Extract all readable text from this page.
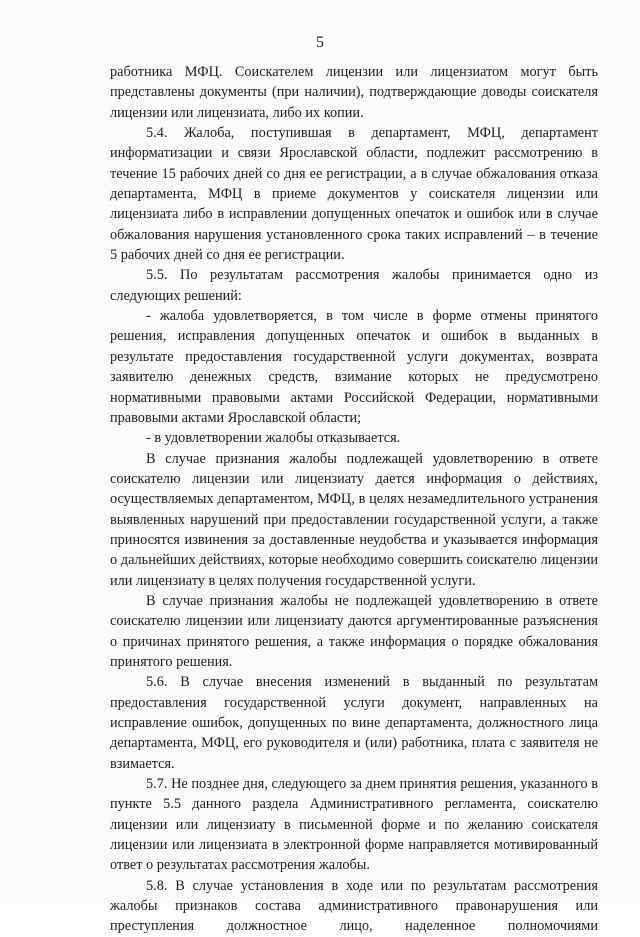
5

работника МФЦ. Соискателем лицензии или лицензиатом могут быть представлены документы (при наличии), подтверждающие доводы соискателя лицензии или лицензиата, либо их копии.

5.4. Жалоба, поступившая в департамент, МФЦ, департамент информатизации и связи Ярославской области, подлежит рассмотрению в течение 15 рабочих дней со дня ее регистрации, а в случае обжалования отказа департамента, МФЦ в приеме документов у соискателя лицензии или лицензиата либо в исправлении допущенных опечаток и ошибок или в случае обжалования нарушения установленного срока таких исправлений – в течение 5 рабочих дней со дня ее регистрации.

5.5. По результатам рассмотрения жалобы принимается одно из следующих решений:

- жалоба удовлетворяется, в том числе в форме отмены принятого решения, исправления допущенных опечаток и ошибок в выданных в результате предоставления государственной услуги документах, возврата заявителю денежных средств, взимание которых не предусмотрено нормативными правовыми актами Российской Федерации, нормативными правовыми актами Ярославской области;

- в удовлетворении жалобы отказывается.

В случае признания жалобы подлежащей удовлетворению в ответе соискателю лицензии или лицензиату дается информация о действиях, осуществляемых департаментом, МФЦ, в целях незамедлительного устранения выявленных нарушений при предоставлении государственной услуги, а также приносятся извинения за доставленные неудобства и указывается информация о дальнейших действиях, которые необходимо совершить соискателю лицензии или лицензиату в целях получения государственной услуги.

В случае признания жалобы не подлежащей удовлетворению в ответе соискателю лицензии или лицензиату даются аргументированные разъяснения о причинах принятого решения, а также информация о порядке обжалования принятого решения.

5.6. В случае внесения изменений в выданный по результатам предоставления государственной услуги документ, направленных на исправление ошибок, допущенных по вине департамента, должностного лица департамента, МФЦ, его руководителя и (или) работника, плата с заявителя не взимается.

5.7. Не позднее дня, следующего за днем принятия решения, указанного в пункте 5.5 данного раздела Административного регламента, соискателю лицензии или лицензиату в письменной форме и по желанию соискателя лицензии или лицензиата в электронной форме направляется мотивированный ответ о результатах рассмотрения жалобы.

5.8. В случае установления в ходе или по результатам рассмотрения жалобы признаков состава административного правонарушения или преступления должностное лицо, наделенное полномочиями
